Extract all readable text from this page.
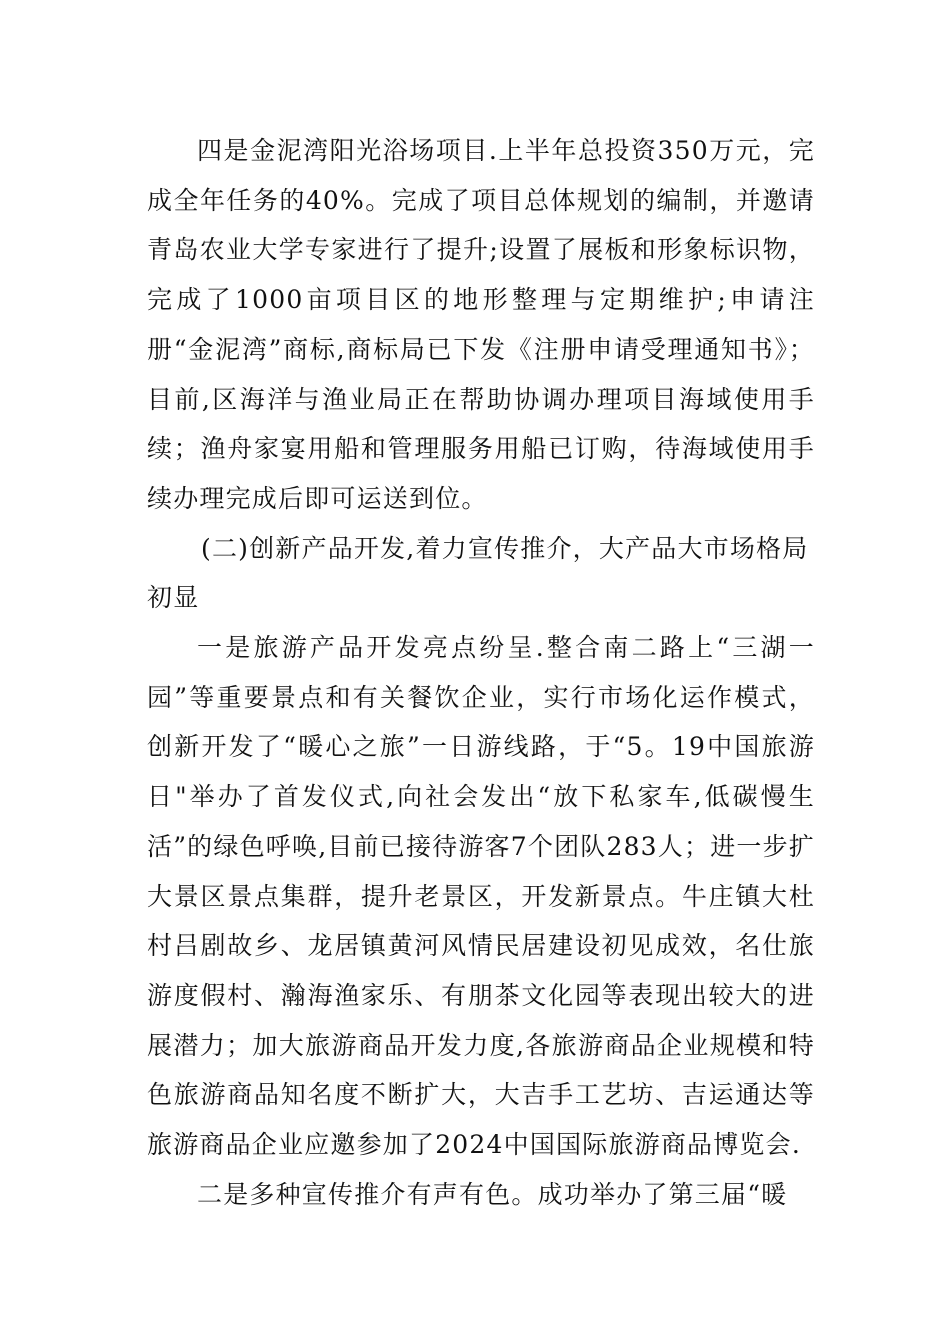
四是金泥湾阳光浴场项目.上半年总投资350万元，完成全年任务的40%。完成了项目总体规划的编制，并邀请青岛农业大学专家进行了提升;设置了展板和形象标识物，完成了1000亩项目区的地形整理与定期维护;申请注册“金泥湾”商标,商标局已下发《注册申请受理通知书》；目前,区海洋与渔业局正在帮助协调办理项目海域使用手续；渔舟家宴用船和管理服务用船已订购，待海域使用手续办理完成后即可运送到位。

(二)创新产品开发,着力宣传推介，大产品大市场格局初显

一是旅游产品开发亮点纷呈.整合南二路上“三湖一园”等重要景点和有关餐饮企业，实行市场化运作模式，创新开发了“暖心之旅”一日游线路，于“5。19中国旅游日"举办了首发仪式,向社会发出“放下私家车,低碳慢生活”的绿色呼唤,目前已接待游客7个团队283人；进一步扩大景区景点集群，提升老景区，开发新景点。牛庄镇大杜村吕剧故乡、龙居镇黄河风情民居建设初见成效，名仕旅游度假村、瀚海渔家乐、有朋茶文化园等表现出较大的进展潜力；加大旅游商品开发力度,各旅游商品企业规模和特色旅游商品知名度不断扩大，大吉手工艺坊、吉运通达等旅游商品企业应邀参加了2024中国国际旅游商品博览会.

二是多种宣传推介有声有色。成功举办了第三届“暖
